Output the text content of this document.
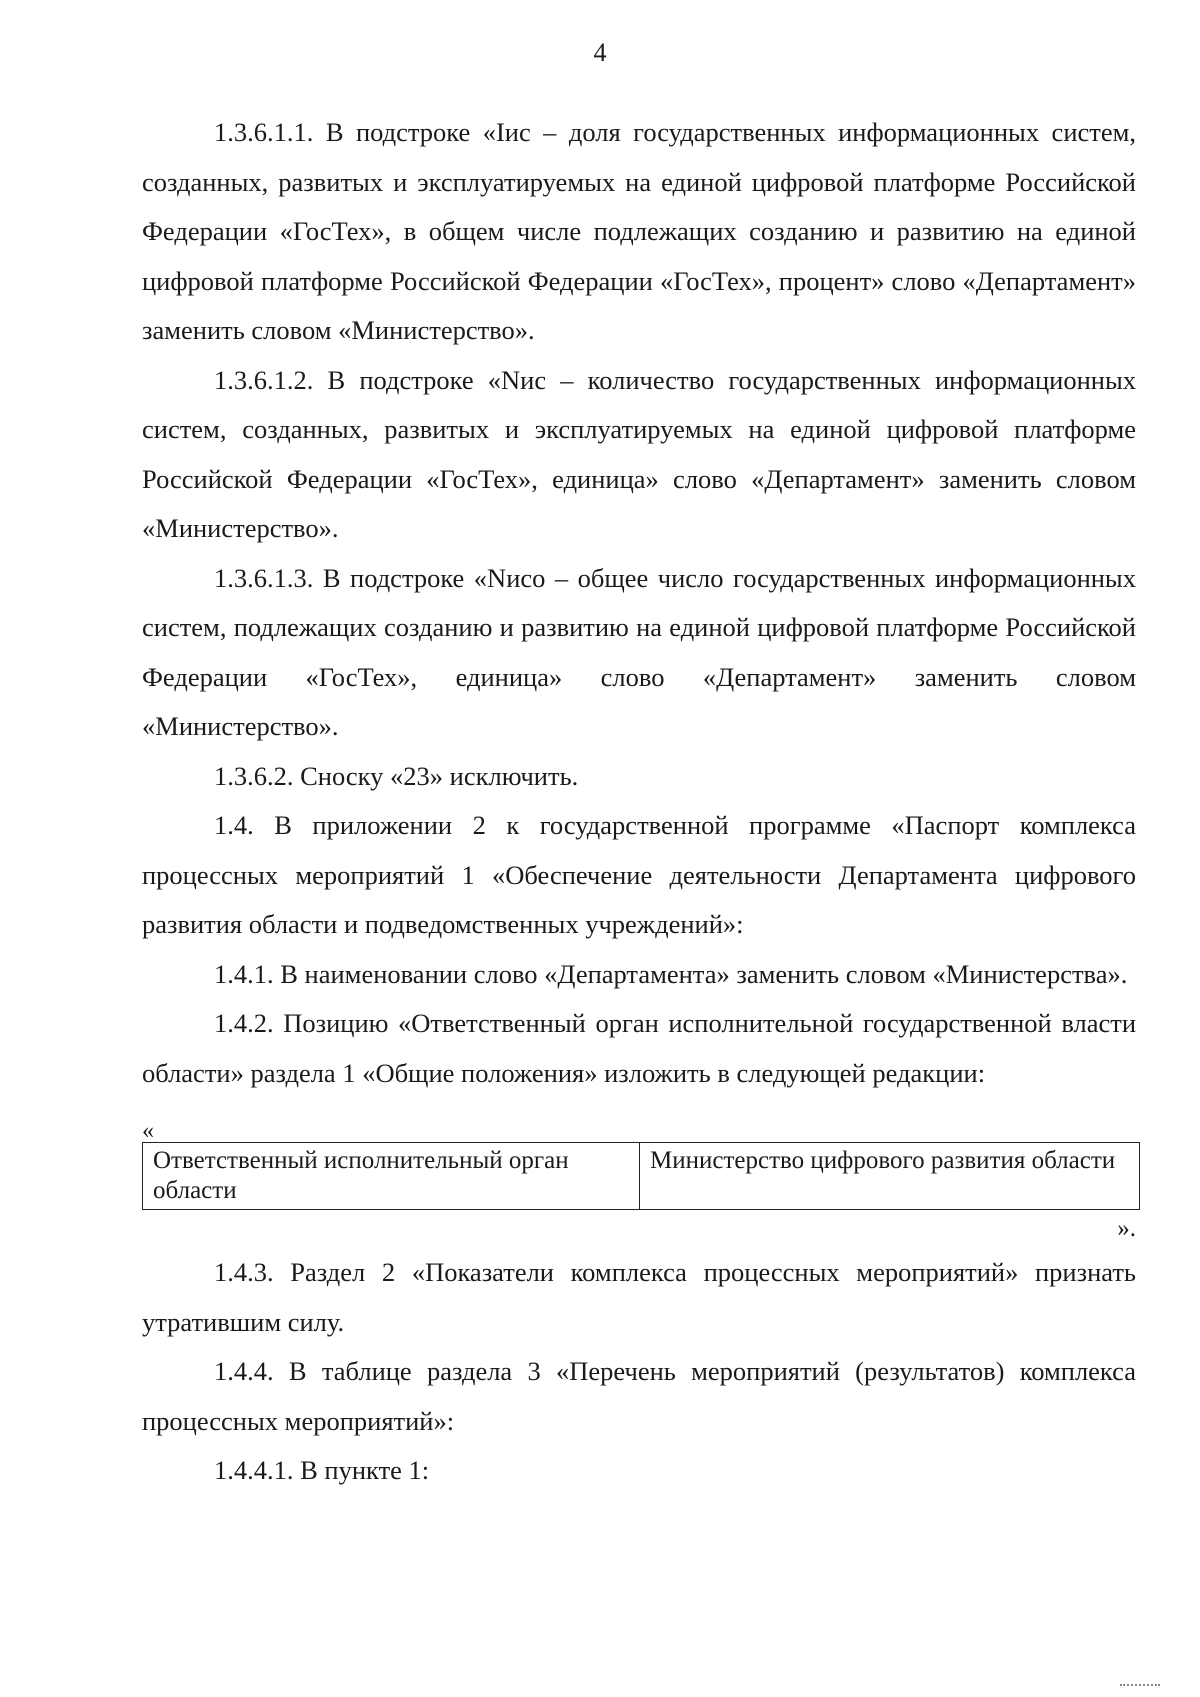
4

1.3.6.1.1. В подстроке «Іис – доля государственных информационных систем, созданных, развитых и эксплуатируемых на единой цифровой платформе Российской Федерации «ГосТех», в общем числе подлежащих созданию и развитию на единой цифровой платформе Российской Федерации «ГосТех», процент» слово «Департамент» заменить словом «Министерство».

1.3.6.1.2. В подстроке «Nис – количество государственных информационных систем, созданных, развитых и эксплуатируемых на единой цифровой платформе Российской Федерации «ГосТех», единица» слово «Департамент» заменить словом «Министерство».

1.3.6.1.3. В подстроке «Nисо – общее число государственных информационных систем, подлежащих созданию и развитию на единой цифровой платформе Российской Федерации «ГосТех», единица» слово «Департамент» заменить словом «Министерство».

1.3.6.2. Сноску «23» исключить.

1.4. В приложении 2 к государственной программе «Паспорт комплекса процессных мероприятий 1 «Обеспечение деятельности Департамента цифрового развития области и подведомственных учреждений»:

1.4.1. В наименовании слово «Департамента» заменить словом «Министерства».

1.4.2. Позицию «Ответственный орган исполнительной государственной власти области» раздела 1 «Общие положения» изложить в следующей редакции:

«
Ответственный исполнительный орган области	Министерство цифрового развития области
».

1.4.3. Раздел 2 «Показатели комплекса процессных мероприятий» признать утратившим силу.

1.4.4. В таблице раздела 3 «Перечень мероприятий (результатов) комплекса процессных мероприятий»:

1.4.4.1. В пункте 1:
